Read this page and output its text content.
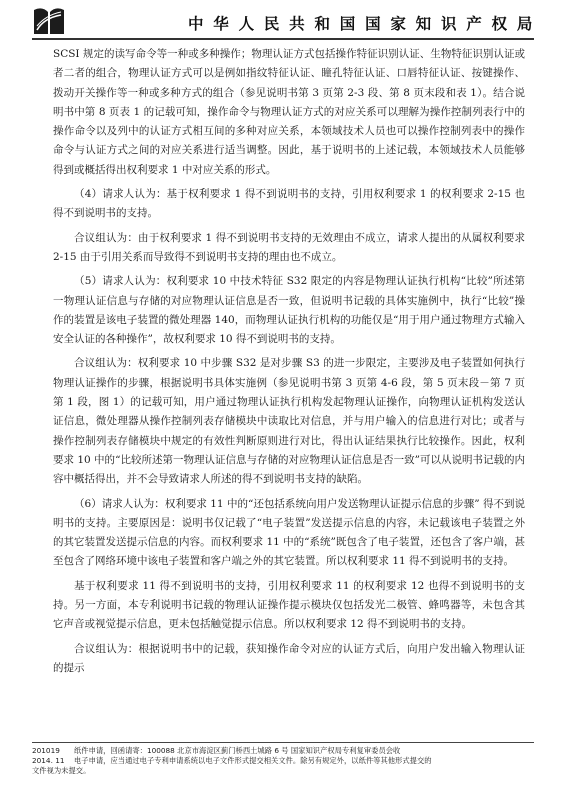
中 华 人 民 共 和 国 国 家 知 识 产 权 局

SCSI 规定的读写命令等一种或多种操作；物理认证方式包括操作特征识别认证、生物特征识别认证或者二者的组合，物理认证方式可以是例如指纹特征认证、瞳孔特征认证、口唇特征认证、按键操作、拨动开关操作等一种或多种方式的组合（参见说明书第 3 页第 2-3 段、第 8 页末段和表 1）。结合说明书中第 8 页表 1 的记载可知，操作命令与物理认证方式的对应关系可以理解为操作控制列表行中的操作命令以及列中的认证方式相互间的多种对应关系，本领域技术人员也可以操作控制列表中的操作命令与认证方式之间的对应关系进行适当调整。因此，基于说明书的上述记载，本领域技术人员能够得到或概括得出权利要求 1 中对应关系的形式。

（4）请求人认为：基于权利要求 1 得不到说明书的支持，引用权利要求 1 的权利要求 2-15 也得不到说明书的支持。

合议组认为：由于权利要求 1 得不到说明书支持的无效理由不成立，请求人提出的从属权利要求 2-15 由于引用关系而导致得不到说明书支持的理由也不成立。

（5）请求人认为：权利要求 10 中技术特征 S32 限定的内容是物理认证执行机构“比较”所述第一物理认证信息与存储的对应物理认证信息是否一致，但说明书记载的具体实施例中，执行“比较”操作的装置是该电子装置的微处理器 140，而物理认证执行机构的功能仅是“用于用户通过物理方式输入安全认证的各种操作”，故权利要求 10 得不到说明书的支持。

合议组认为：权利要求 10 中步骤 S32 是对步骤 S3 的进一步限定，主要涉及电子装置如何执行物理认证操作的步骤，根据说明书具体实施例（参见说明书第 3 页第 4-6 段，第 5 页末段－第 7 页第 1 段，图 1）的记载可知，用户通过物理认证执行机构发起物理认证操作，向物理认证机构发送认证信息，微处理器从操作控制列表存储模块中读取比对信息，并与用户输入的信息进行对比；或者与操作控制列表存储模块中规定的有效性判断原则进行对比，得出认证结果执行比较操作。因此，权利要求 10 中的“比较所述第一物理认证信息与存储的对应物理认证信息是否一致”可以从说明书记载的内容中概括得出，并不会导致请求人所述的得不到说明书支持的缺陷。

（6）请求人认为：权利要求 11 中的“还包括系统向用户发送物理认证提示信息的步骤” 得不到说明书的支持。主要原因是：说明书仅记载了“电子装置”发送提示信息的内容，未记载该电子装置之外的其它装置发送提示信息的内容。而权利要求 11 中的“系统”既包含了电子装置，还包含了客户端，甚至包含了网络环境中该电子装置和客户端之外的其它装置。所以权利要求 11 得不到说明书的支持。

基于权利要求 11 得不到说明书的支持，引用权利要求 11 的权利要求 12 也得不到说明书的支持。另一方面，本专利说明书记载的物理认证操作提示模块仅包括发光二极管、蜂鸣器等，未包含其它声音或视觉提示信息，更未包括触觉提示信息。所以权利要求 12 得不到说明书的支持。

合议组认为：根据说明书中的记载，获知操作命令对应的认证方式后，向用户发出输入物理认证的提示

201019	纸件申请，回函请寄：100088 北京市海淀区蓟门桥西土城路 6 号 国家知识产权局专利复审委员会收
2014. 11	电子申请，应当通过电子专利申请系统以电子文件形式提交相关文件。除另有规定外，以纸件等其他形式提交的
文件视为未提交。
